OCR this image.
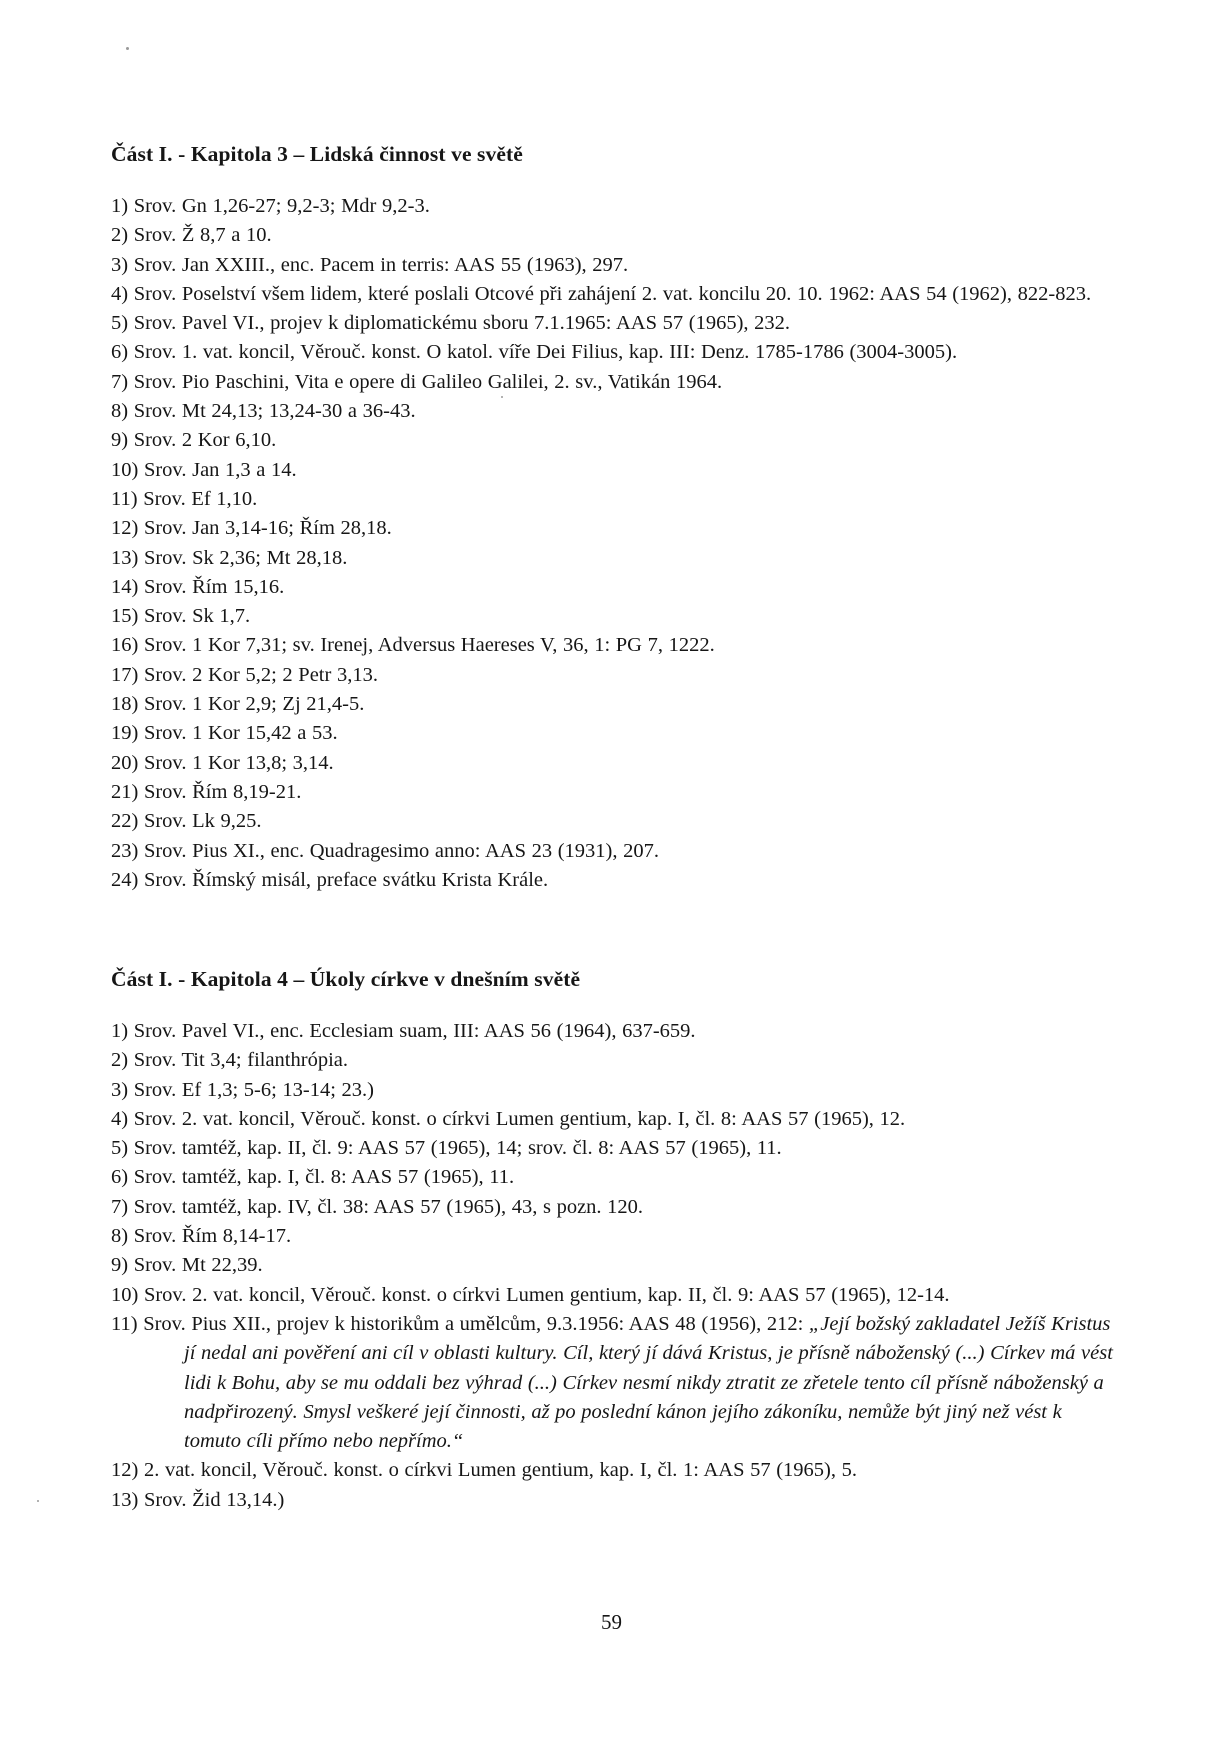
Část I. - Kapitola 3 – Lidská činnost ve světě
1) Srov. Gn 1,26-27; 9,2-3; Mdr 9,2-3.
2) Srov. Ž 8,7 a 10.
3) Srov. Jan XXIII., enc. Pacem in terris: AAS 55 (1963), 297.
4) Srov. Poselství všem lidem, které poslali Otcové při zahájení 2. vat. koncilu 20. 10. 1962: AAS 54 (1962), 822-823.
5) Srov. Pavel VI., projev k diplomatickému sboru 7.1.1965: AAS 57 (1965), 232.
6) Srov. 1. vat. koncil, Věrouč. konst. O katol. víře Dei Filius, kap. III: Denz. 1785-1786 (3004-3005).
7) Srov. Pio Paschini, Vita e opere di Galileo Galilei, 2. sv., Vatikán 1964.
8) Srov. Mt 24,13; 13,24-30 a 36-43.
9) Srov. 2 Kor 6,10.
10) Srov. Jan 1,3 a 14.
11) Srov. Ef 1,10.
12) Srov. Jan 3,14-16; Řím 28,18.
13) Srov. Sk 2,36; Mt 28,18.
14) Srov. Řím 15,16.
15) Srov. Sk 1,7.
16) Srov. 1 Kor 7,31; sv. Irenej, Adversus Haereses V, 36, 1: PG 7, 1222.
17) Srov. 2 Kor 5,2; 2 Petr 3,13.
18) Srov. 1 Kor 2,9; Zj 21,4-5.
19) Srov. 1 Kor 15,42 a 53.
20) Srov. 1 Kor 13,8; 3,14.
21) Srov. Řím 8,19-21.
22) Srov. Lk 9,25.
23) Srov. Pius XI., enc. Quadragesimo anno: AAS 23 (1931), 207.
24) Srov. Římský misál, preface svátku Krista Krále.
Část I. - Kapitola 4 – Úkoly církve v dnešním světě
1) Srov. Pavel VI., enc. Ecclesiam suam, III: AAS 56 (1964), 637-659.
2) Srov. Tit 3,4; filanthrópia.
3) Srov. Ef 1,3; 5-6; 13-14; 23.)
4) Srov. 2. vat. koncil, Věrouč. konst. o církvi Lumen gentium, kap. I, čl. 8: AAS 57 (1965), 12.
5) Srov. tamtéž, kap. II, čl. 9: AAS 57 (1965), 14; srov. čl. 8: AAS 57 (1965), 11.
6) Srov. tamtéž, kap. I, čl. 8: AAS 57 (1965), 11.
7) Srov. tamtéž, kap. IV, čl. 38: AAS 57 (1965), 43, s pozn. 120.
8) Srov. Řím 8,14-17.
9) Srov. Mt 22,39.
10) Srov. 2. vat. koncil, Věrouč. konst. o církvi Lumen gentium, kap. II, čl. 9: AAS 57 (1965), 12-14.
11) Srov. Pius XII., projev k historikům a umělcům, 9.3.1956: AAS 48 (1956), 212: „Její božský zakladatel Ježíš Kristus jí nedal ani pověření ani cíl v oblasti kultury. Cíl, který jí dává Kristus, je přísně náboženský (...) Církev má vést lidi k Bohu, aby se mu oddali bez výhrad (...) Církev nesmí nikdy ztratit ze zřetele tento cíl přísně náboženský a nadpřirozený. Smysl veškeré její činnosti, až po poslední kánon jejího zákoníku, nemůže být jiný než vést k tomuto cíli přímo nebo nepřímo.“
12) 2. vat. koncil, Věrouč. konst. o církvi Lumen gentium, kap. I, čl. 1: AAS 57 (1965), 5.
13) Srov. Žid 13,14.)
59
